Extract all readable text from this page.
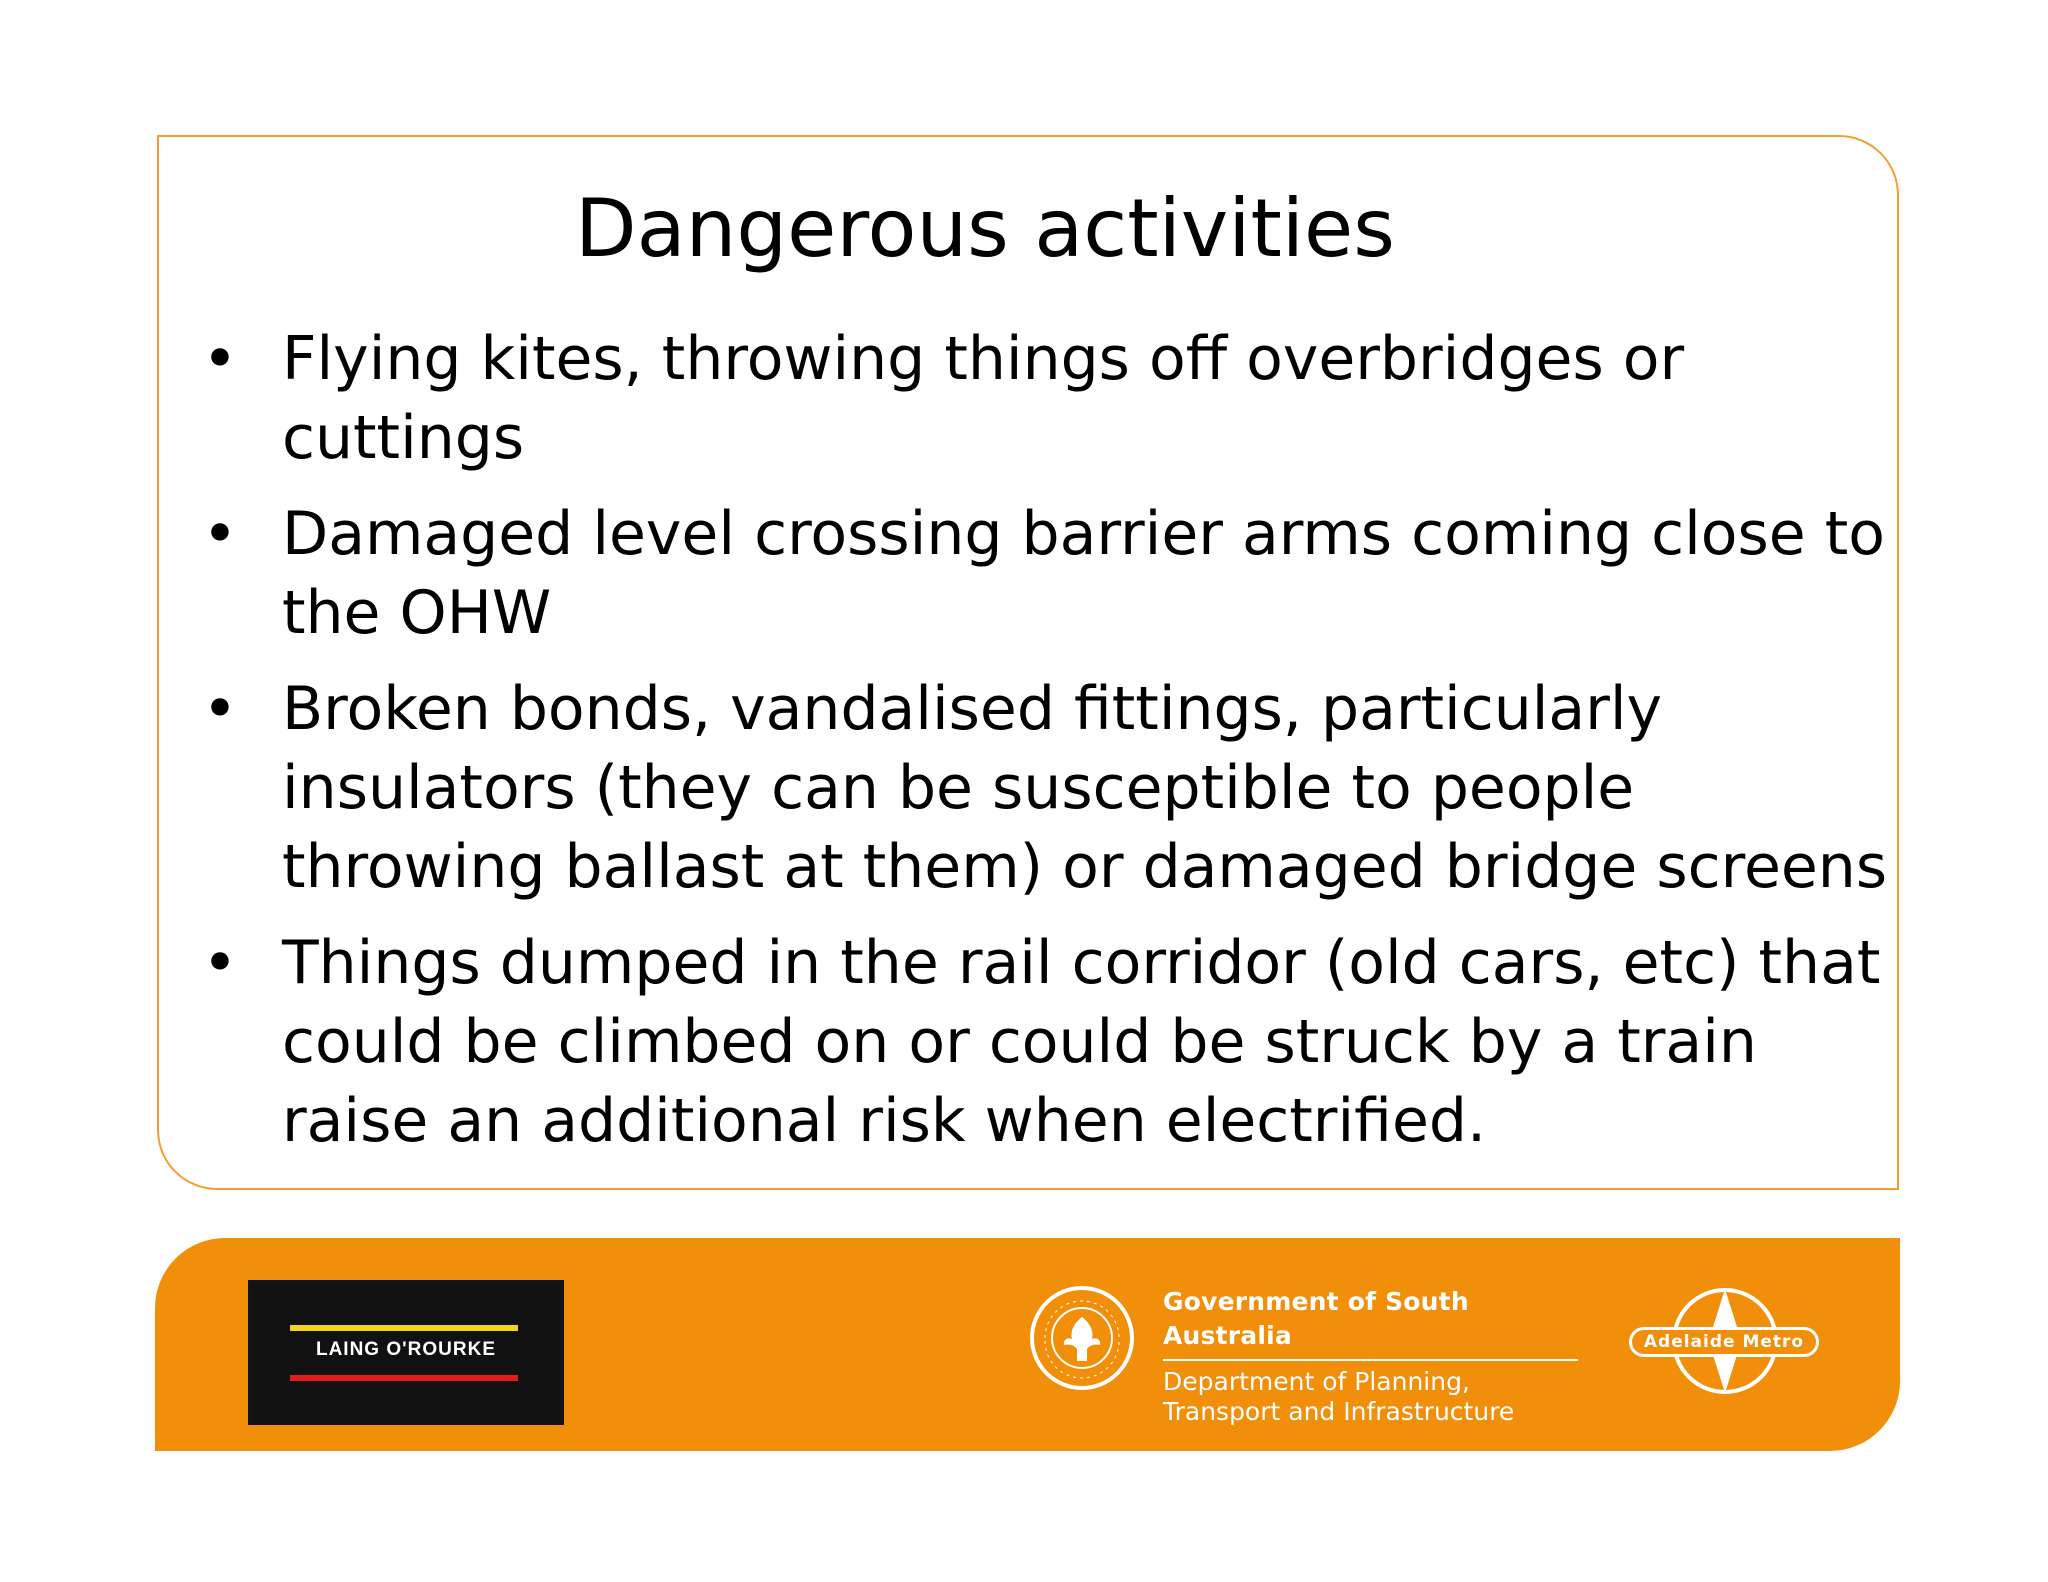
Dangerous activities
• Flying kites, throwing things off overbridges or
cuttings
• Damaged level crossing barrier arms coming close to
the OHW
• Broken bonds, vandalised fittings, particularly
insulators (they can be susceptible to people
throwing ballast at them) or damaged bridge screens
• Things dumped in the rail corridor (old cars, etc) that
could be climbed on or could be struck by a train
raise an additional risk when electrified.
LAING O'ROURKE
Government of South Australia
Department of Planning,
Transport and Infrastructure
Adelaide Metro
